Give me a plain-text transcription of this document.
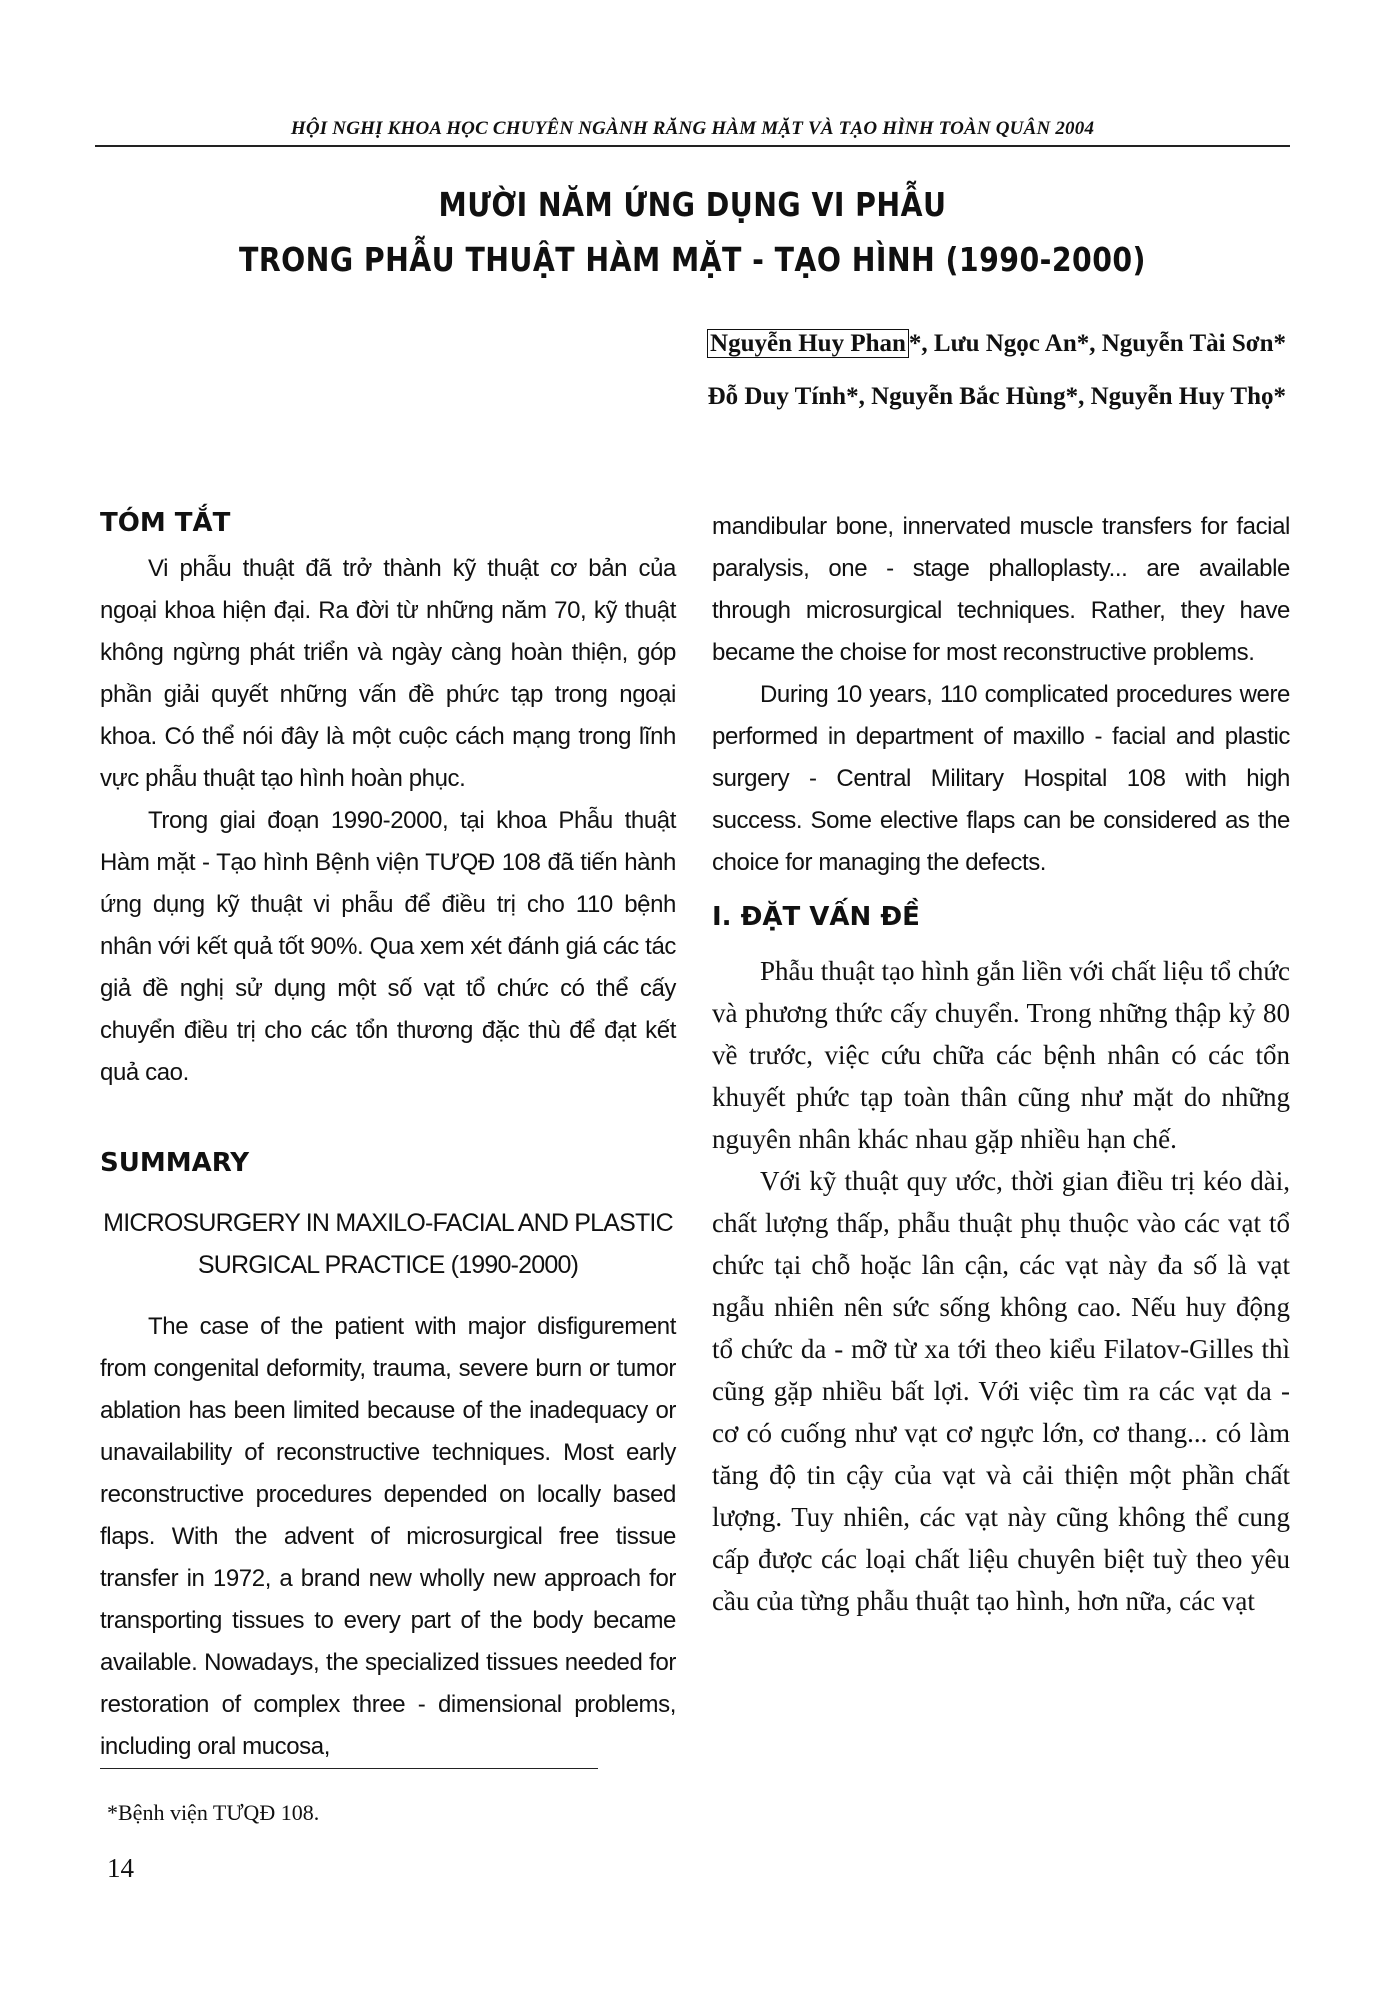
HỘI NGHỊ KHOA HỌC CHUYÊN NGÀNH RĂNG HÀM MẶT VÀ TẠO HÌNH TOÀN QUÂN 2004
MƯỜI NĂM ỨNG DỤNG VI PHẪU
TRONG PHẪU THUẬT HÀM MẶT - TẠO HÌNH (1990-2000)
Nguyễn Huy Phan *, Lưu Ngọc An*, Nguyễn Tài Sơn*
Đỗ Duy Tính*, Nguyễn Bắc Hùng*, Nguyễn Huy Thọ*
TÓM TẮT

Vi phẫu thuật đã trở thành kỹ thuật cơ bản của ngoại khoa hiện đại. Ra đời từ những năm 70, kỹ thuật không ngừng phát triển và ngày càng hoàn thiện, góp phần giải quyết những vấn đề phức tạp trong ngoại khoa. Có thể nói đây là một cuộc cách mạng trong lĩnh vực phẫu thuật tạo hình hoàn phục.

Trong giai đoạn 1990-2000, tại khoa Phẫu thuật Hàm mặt - Tạo hình Bệnh viện TƯQĐ 108 đã tiến hành ứng dụng kỹ thuật vi phẫu để điều trị cho 110 bệnh nhân với kết quả tốt 90%. Qua xem xét đánh giá các tác giả đề nghị sử dụng một số vạt tổ chức có thể cấy chuyển điều trị cho các tổn thương đặc thù để đạt kết quả cao.

SUMMARY
MICROSURGERY IN MAXILO-FACIAL AND PLASTIC
SURGICAL PRACTICE (1990-2000)

The case of the patient with major disfigurement from congenital deformity, trauma, severe burn or tumor ablation has been limited because of the inadequacy or unavailability of reconstructive techniques. Most early reconstructive procedures depended on locally based flaps. With the advent of microsurgical free tissue transfer in 1972, a brand new wholly new approach for transporting tissues to every part of the body became available. Nowadays, the specialized tissues needed for restoration of complex three - dimensional problems, including oral mucosa,

mandibular bone, innervated muscle transfers for facial paralysis, one - stage phalloplasty... are available through microsurgical techniques. Rather, they have became the choise for most reconstructive problems.

During 10 years, 110 complicated procedures were performed in department of maxillo - facial and plastic surgery - Central Military Hospital 108 with high success. Some elective flaps can be considered as the choice for managing the defects.

I. ĐẶT VẤN ĐỀ

Phẫu thuật tạo hình gắn liền với chất liệu tổ chức và phương thức cấy chuyển. Trong những thập kỷ 80 về trước, việc cứu chữa các bệnh nhân có các tổn khuyết phức tạp toàn thân cũng như mặt do những nguyên nhân khác nhau gặp nhiều hạn chế.

Với kỹ thuật quy ước, thời gian điều trị kéo dài, chất lượng thấp, phẫu thuật phụ thuộc vào các vạt tổ chức tại chỗ hoặc lân cận, các vạt này đa số là vạt ngẫu nhiên nên sức sống không cao. Nếu huy động tổ chức da - mỡ từ xa tới theo kiểu Filatov-Gilles thì cũng gặp nhiều bất lợi. Với việc tìm ra các vạt da - cơ có cuống như vạt cơ ngực lớn, cơ thang... có làm tăng độ tin cậy của vạt và cải thiện một phần chất lượng. Tuy nhiên, các vạt này cũng không thể cung cấp được các loại chất liệu chuyên biệt tuỳ theo yêu cầu của từng phẫu thuật tạo hình, hơn nữa, các vạt

*Bệnh viện TƯQĐ 108.
14
